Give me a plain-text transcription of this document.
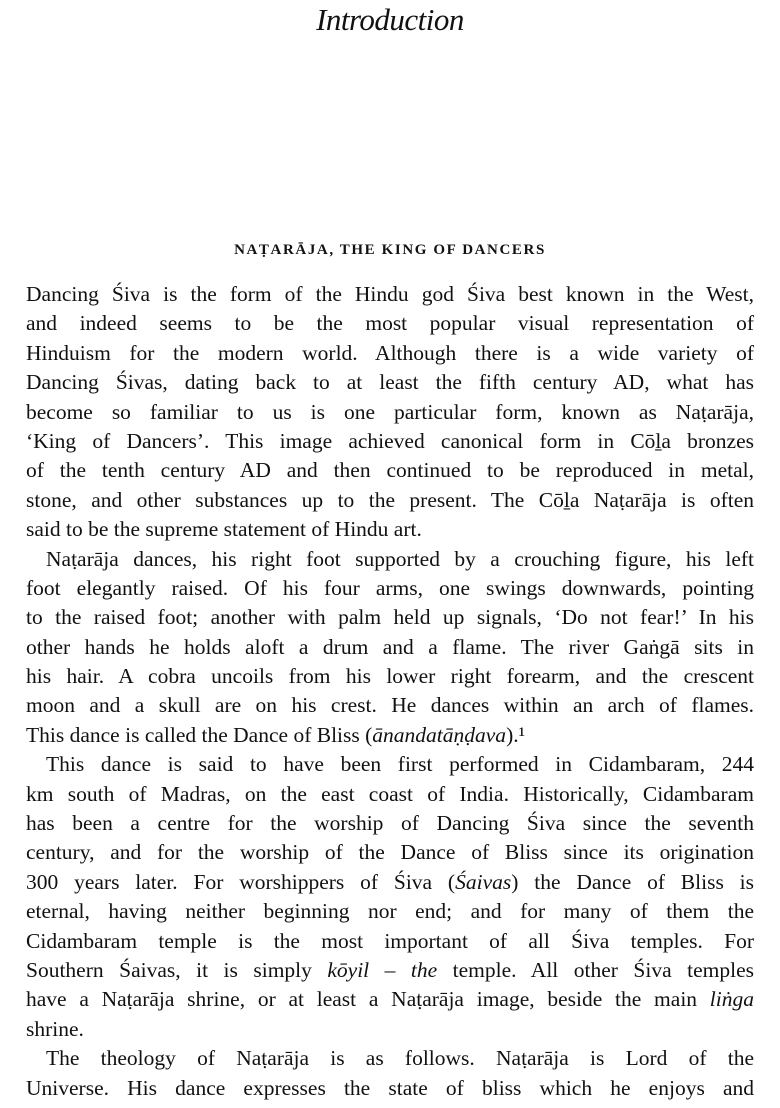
Introduction
NAṬARĀJA, THE KING OF DANCERS
Dancing Śiva is the form of the Hindu god Śiva best known in the West,
and indeed seems to be the most popular visual representation of
Hinduism for the modern world. Although there is a wide variety of
Dancing Śivas, dating back to at least the fifth century AD, what has
become so familiar to us is one particular form, known as Naṭarāja,
‘King of Dancers’. This image achieved canonical form in Cōḻa bronzes
of the tenth century AD and then continued to be reproduced in metal,
stone, and other substances up to the present. The Cōḻa Naṭarāja is often
said to be the supreme statement of Hindu art.
Naṭarāja dances, his right foot supported by a crouching figure, his left
foot elegantly raised. Of his four arms, one swings downwards, pointing
to the raised foot; another with palm held up signals, ‘Do not fear!’ In his
other hands he holds aloft a drum and a flame. The river Gaṅgā sits in
his hair. A cobra uncoils from his lower right forearm, and the crescent
moon and a skull are on his crest. He dances within an arch of flames.
This dance is called the Dance of Bliss (ānandatāṇḍava).¹
This dance is said to have been first performed in Cidambaram, 244
km south of Madras, on the east coast of India. Historically, Cidambaram
has been a centre for the worship of Dancing Śiva since the seventh
century, and for the worship of the Dance of Bliss since its origination
300 years later. For worshippers of Śiva (Śaivas) the Dance of Bliss is
eternal, having neither beginning nor end; and for many of them the
Cidambaram temple is the most important of all Śiva temples. For
Southern Śaivas, it is simply kōyil – the temple. All other Śiva temples
have a Naṭarāja shrine, or at least a Naṭarāja image, beside the main liṅga
shrine.
The theology of Naṭarāja is as follows. Naṭarāja is Lord of the
Universe. His dance expresses the state of bliss which he enjoys and
